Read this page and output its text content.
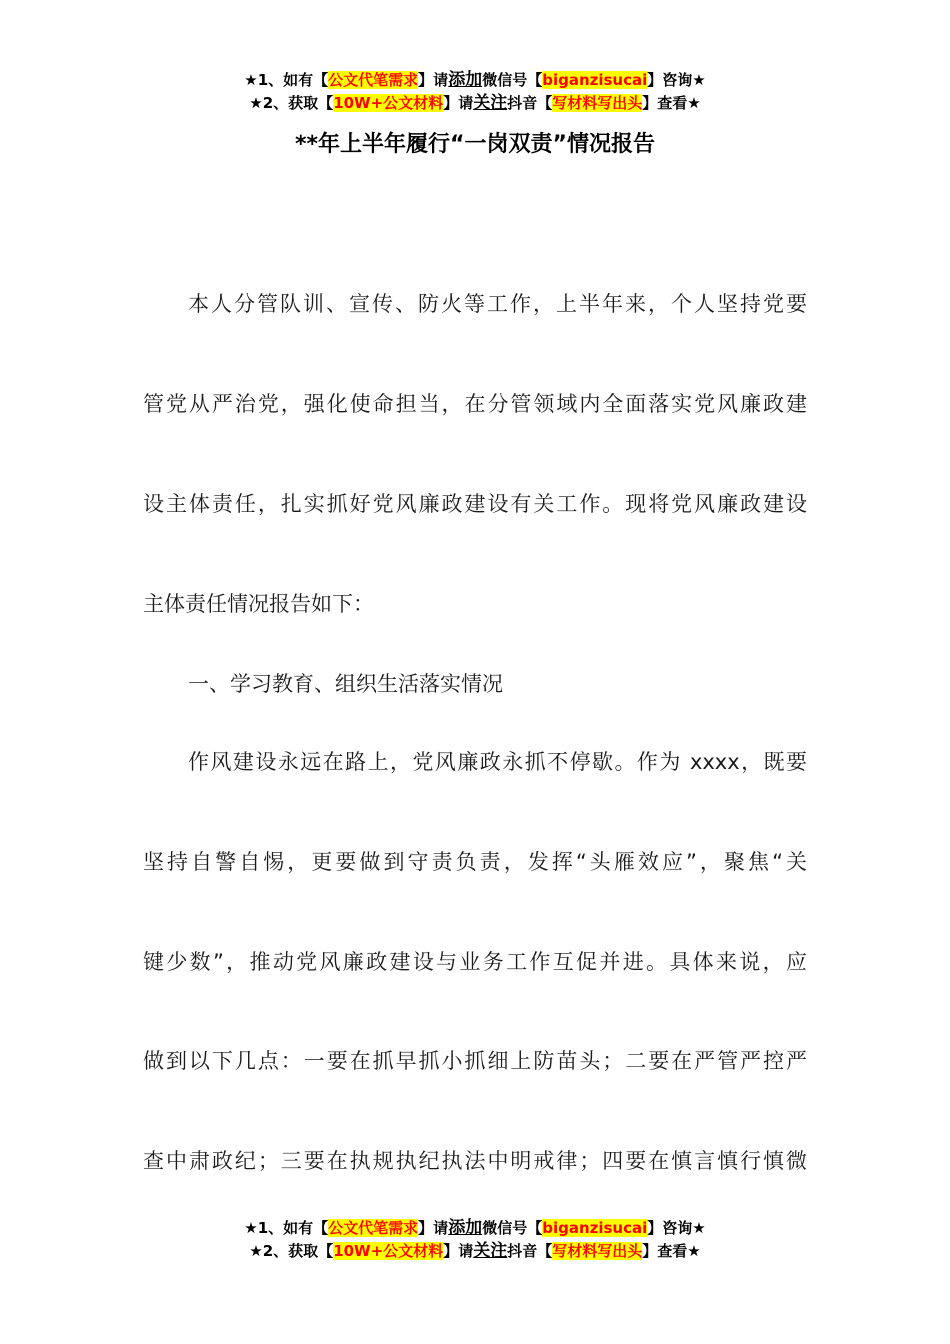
★1、如有【公文代笔需求】请添加微信号【biganzisucai】咨询★
★2、获取【10W+公文材料】请关注抖音【写材料写出头】查看★
**年上半年履行“一岗双责”情况报告
本人分管队训、宣传、防火等工作，上半年来，个人坚持党要
管党从严治党，强化使命担当，在分管领域内全面落实党风廉政建
设主体责任，扎实抓好党风廉政建设有关工作。现将党风廉政建设
主体责任情况报告如下：
一、学习教育、组织生活落实情况
作风建设永远在路上，党风廉政永抓不停歇。作为 xxxx，既要
坚持自警自惕，更要做到守责负责，发挥“头雁效应”，聚焦“关
键少数”，推动党风廉政建设与业务工作互促并进。具体来说，应
做到以下几点：一要在抓早抓小抓细上防苗头；二要在严管严控严
查中肃政纪；三要在执规执纪执法中明戒律；四要在慎言慎行慎微
★1、如有【公文代笔需求】请添加微信号【biganzisucai】咨询★
★2、获取【10W+公文材料】请关注抖音【写材料写出头】查看★
